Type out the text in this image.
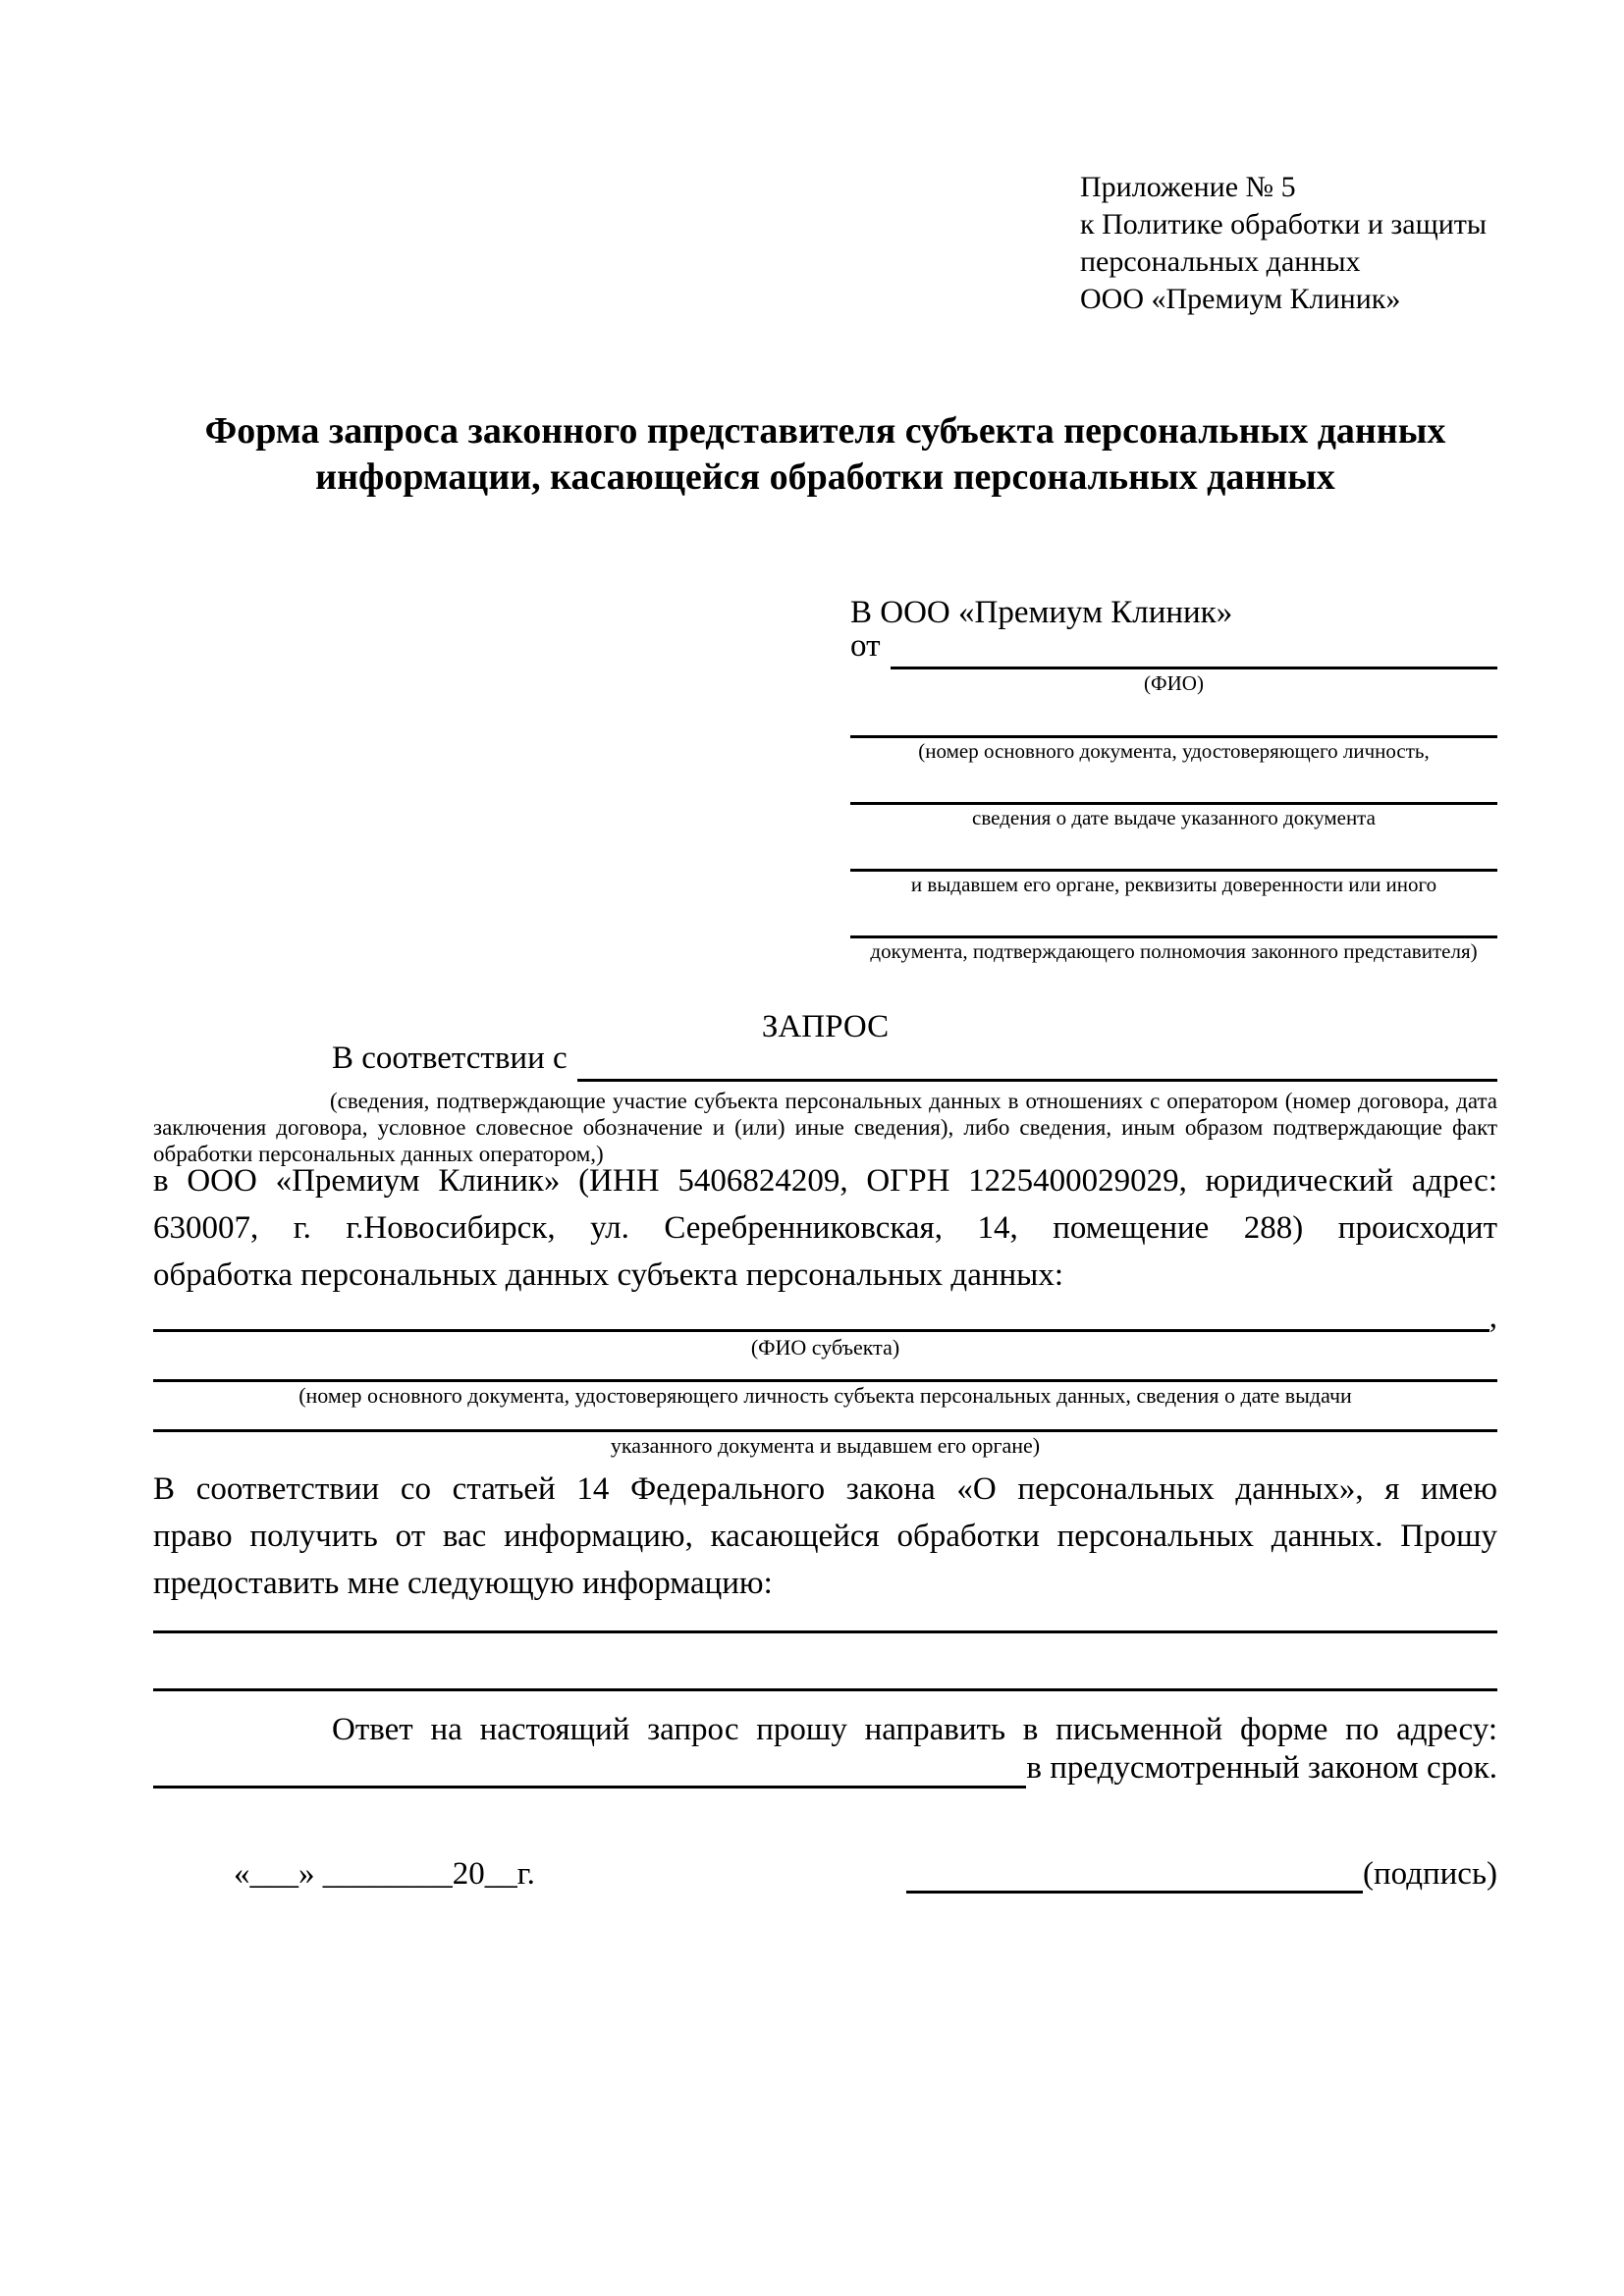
Приложение № 5
к Политике обработки и защиты
персональных данных
ООО «Премиум Клиник»
Форма запроса законного представителя субъекта персональных данных
информации, касающейся обработки персональных данных
В ООО «Премиум Клиник»
от
(ФИО)
(номер основного документа, удостоверяющего личность,
сведения о дате выдаче указанного документа
и выдавшем его органе, реквизиты доверенности или иного
документа, подтверждающего полномочия законного представителя)
ЗАПРОС
В соответствии с
(сведения, подтверждающие участие субъекта персональных данных в отношениях с оператором (номер договора, дата
заключения договора, условное словесное обозначение и (или) иные сведения), либо сведения, иным образом подтверждающие факт
обработки персональных данных оператором,)
в ООО «Премиум Клиник» (ИНН 5406824209, ОГРН 1225400029029, юридический адрес:
630007, г. г.Новосибирск, ул. Серебренниковская, 14, помещение 288) происходит
обработка персональных данных субъекта персональных данных:
,
(ФИО субъекта)
(номер основного документа, удостоверяющего личность субъекта персональных данных, сведения о дате выдачи
указанного документа и выдавшем его органе)
В соответствии со статьей 14 Федерального закона «О персональных данных», я имею
право получить от вас информацию, касающейся обработки персональных данных. Прошу
предоставить мне следующую информацию:
Ответ на настоящий запрос прошу направить в письменной форме по адресу:
в предусмотренный законом срок.
«___» ________20__г.	(подпись)
